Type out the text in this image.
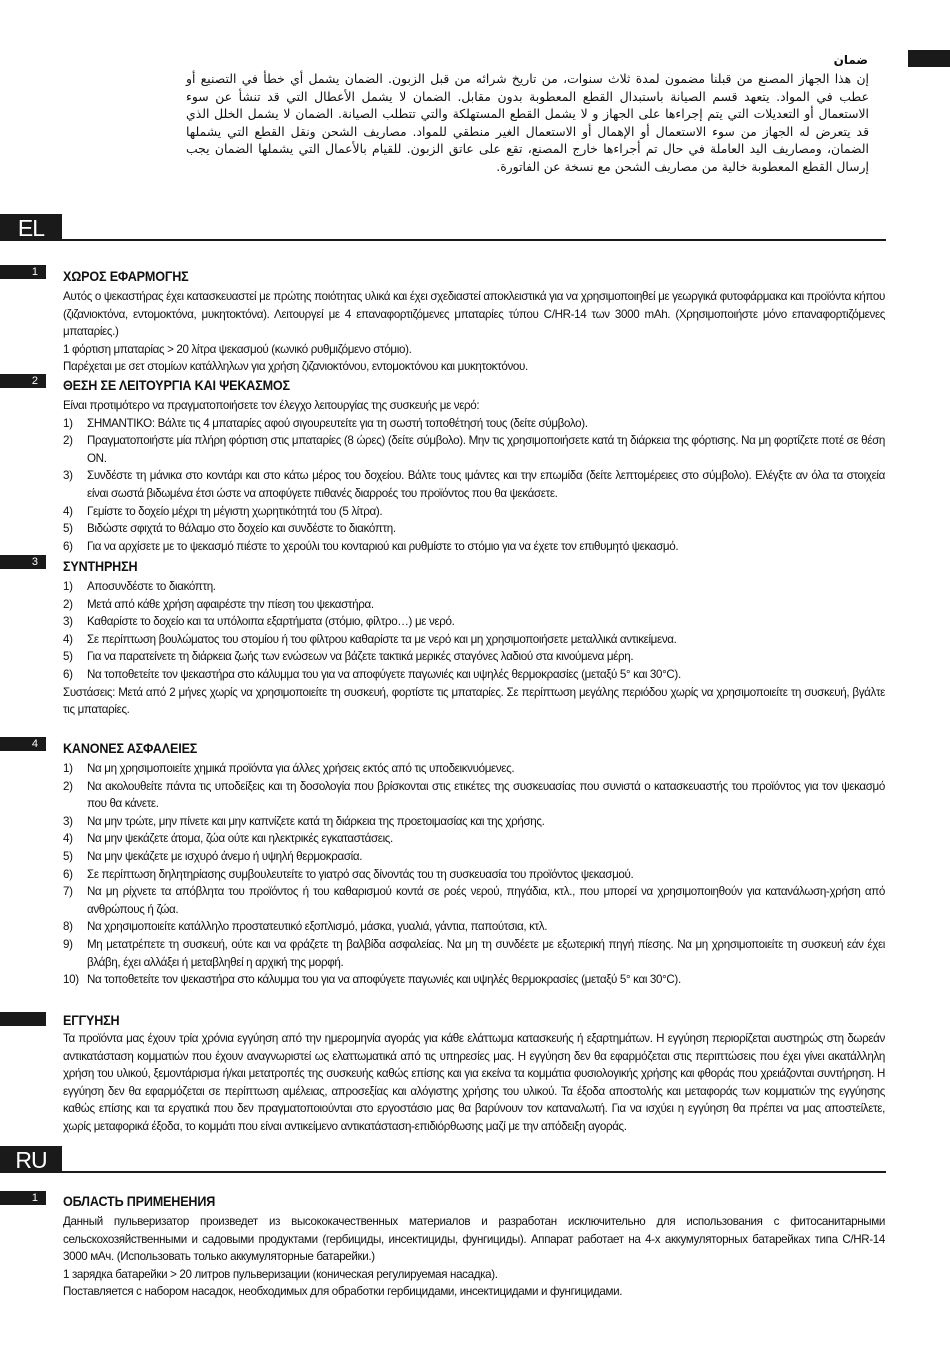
ضمان
إن هذا الجهاز المصنع من قبلنا مضمون لمدة ثلاث سنوات، من تاريخ شرائه من قبل الزبون. الضمان يشمل أي خطأ في التصنيع أو عطب في المواد. يتعهد قسم الصيانة باستبدال القطع المعطوبة بدون مقابل. الضمان لا يشمل الأعطال التي قد تنشأ عن سوء الاستعمال أو التعديلات التي يتم إجراءها على الجهاز و لا يشمل القطع المستهلكة والتي تتطلب الصيانة. الضمان لا يشمل الخلل الذي قد يتعرض له الجهاز من سوء الاستعمال أو الإهمال أو الاستعمال الغير منطقي للمواد. مصاريف الشحن ونقل القطع التي يشملها الضمان، ومصاريف اليد العاملة في حال تم أجراءها خارج المصنع، تقع على عاتق الزبون. للقيام بالأعمال التي يشملها الضمان يجب إرسال القطع المعطوبة خالية من مصاريف الشحن مع نسخة عن الفاتورة.
EL
1	ΧΩΡΟΣ ΕΦΑΡΜΟΓΗΣ

Αυτός ο ψεκαστήρας έχει κατασκευαστεί με πρώτης ποιότητας υλικά και έχει σχεδιαστεί αποκλειστικά για να χρησιμοποιηθεί με γεωργικά φυτοφάρμακα και προϊόντα κήπου (ζιζανιοκτόνα, εντομοκτόνα, μυκητοκτόνα). Λειτουργεί με 4 επαναφορτιζόμενες μπαταρίες τύπου C/HR-14 των 3000 mAh. (Χρησιμοποιήστε μόνο επαναφορτιζόμενες μπαταρίες.)

1 φόρτιση μπαταρίας > 20 λίτρα ψεκασμού (κωνικό ρυθμιζόμενο στόμιο).

Παρέχεται με σετ στομίων κατάλληλων για χρήση ζιζανιοκτόνου, εντομοκτόνου και μυκητοκτόνου.

2	ΘΕΣΗ ΣΕ ΛΕΙΤΟΥΡΓΙΑ ΚΑΙ ΨΕΚΑΣΜΟΣ

Είναι προτιμότερο να πραγματοποιήσετε τον έλεγχο λειτουργίας της συσκευής με νερό:

1) ΣΗΜΑΝΤΙΚΟ: Βάλτε τις 4 μπαταρίες αφού σιγουρευτείτε για τη σωστή τοποθέτησή τους (δείτε σύμβολο).
2) Πραγματοποιήστε μία πλήρη φόρτιση στις μπαταρίες (8 ώρες) (δείτε σύμβολο). Μην τις χρησιμοποιήσετε κατά τη διάρκεια της φόρτισης. Να μη φορτίζετε ποτέ σε θέση ON.
3) Συνδέστε τη μάνικα στο κοντάρι και στο κάτω μέρος του δοχείου. Βάλτε τους ιμάντες και την επωμίδα (δείτε λεπτομέρειες στο σύμβολο). Ελέγξτε αν όλα τα στοιχεία είναι σωστά βιδωμένα έτσι ώστε να αποφύγετε πιθανές διαρροές του προϊόντος που θα ψεκάσετε.
4) Γεμίστε το δοχείο μέχρι τη μέγιστη χωρητικότητά του (5 λίτρα).
5) Βιδώστε σφιχτά το θάλαμο στο δοχείο και συνδέστε το διακόπτη.
6) Για να αρχίσετε με το ψεκασμό πιέστε το χερούλι του κονταριού και ρυθμίστε το στόμιο για να έχετε τον επιθυμητό ψεκασμό.
3	ΣΥΝΤΗΡΗΣΗ
1) Αποσυνδέστε το διακόπτη.
2) Μετά από κάθε χρήση αφαιρέστε την πίεση του ψεκαστήρα.
3) Καθαρίστε το δοχείο και τα υπόλοιπα εξαρτήματα (στόμιο, φίλτρο…) με νερό.
4) Σε περίπτωση βουλώματος του στομίου ή του φίλτρου καθαρίστε τα με νερό και μη χρησιμοποιήσετε μεταλλικά αντικείμενα.
5) Για να παρατείνετε τη διάρκεια ζωής των ενώσεων να βάζετε τακτικά μερικές σταγόνες λαδιού στα κινούμενα μέρη.
6) Να τοποθετείτε τον ψεκαστήρα στο κάλυμμα του για να αποφύγετε παγωνιές και υψηλές θερμοκρασίες (μεταξύ 5° και 30°C).

Συστάσεις: Μετά από 2 μήνες χωρίς να χρησιμοποιείτε τη συσκευή, φορτίστε τις μπαταρίες. Σε περίπτωση μεγάλης περιόδου χωρίς να χρησιμοποιείτε τη συσκευή, βγάλτε τις μπαταρίες.

4	ΚΑΝΟΝΕΣ ΑΣΦΑΛΕΙΕΣ
1) Να μη χρησιμοποιείτε χημικά προϊόντα για άλλες χρήσεις εκτός από τις υποδεικνυόμενες.
2) Να ακολουθείτε πάντα τις υποδείξεις και τη δοσολογία που βρίσκονται στις ετικέτες της συσκευασίας που συνιστά ο κατασκευαστής του προϊόντος για τον ψεκασμό που θα κάνετε.
3) Να μην τρώτε, μην πίνετε και μην καπνίζετε κατά τη διάρκεια της προετοιμασίας και της χρήσης.
4) Να μην ψεκάζετε άτομα, ζώα ούτε και ηλεκτρικές εγκαταστάσεις.
5) Να μην ψεκάζετε με ισχυρό άνεμο ή υψηλή θερμοκρασία.
6) Σε περίπτωση δηλητηρίασης συμβουλευτείτε το γιατρό σας δίνοντάς του τη συσκευασία του προϊόντος ψεκασμού.
7) Να μη ρίχνετε τα απόβλητα του προϊόντος ή του καθαρισμού κοντά σε ροές νερού, πηγάδια, κτλ., που μπορεί να χρησιμοποιηθούν για κατανάλωση-χρήση από ανθρώπους ή ζώα.
8) Να χρησιμοποιείτε κατάλληλο προστατευτικό εξοπλισμό, μάσκα, γυαλιά, γάντια, παπούτσια, κτλ.
9) Μη μετατρέπετε τη συσκευή, ούτε και να φράζετε τη βαλβίδα ασφαλείας. Να μη τη συνδέετε με εξωτερική πηγή πίεσης. Να μη χρησιμοποιείτε τη συσκευή εάν έχει βλάβη, έχει αλλάξει ή μεταβληθεί η αρχική της μορφή.
10) Να τοποθετείτε τον ψεκαστήρα στο κάλυμμα του για να αποφύγετε παγωνιές και υψηλές θερμοκρασίες (μεταξύ 5° και 30°C).
ΕΓΓΥΗΣΗ

Τα προϊόντα μας έχουν τρία χρόνια εγγύηση από την ημερομηνία αγοράς για κάθε ελάττωμα κατασκευής ή εξαρτημάτων. Η εγγύηση περιορίζεται αυστηρώς στη δωρεάν αντικατάσταση κομματιών που έχουν αναγνωριστεί ως ελαττωματικά από τις υπηρεσίες μας. Η εγγύηση δεν θα εφαρμόζεται στις περιπτώσεις που έχει γίνει ακατάλληλη χρήση του υλικού, ξεμοντάρισμα ή/και μετατροπές της συσκευής καθώς επίσης και για εκείνα τα κομμάτια φυσιολογικής χρήσης και φθοράς που χρειάζονται συντήρηση. Η εγγύηση δεν θα εφαρμόζεται σε περίπτωση αμέλειας, απροσεξίας και αλόγιστης χρήσης του υλικού. Τα έξοδα αποστολής και μεταφοράς των κομματιών της εγγύησης καθώς επίσης και τα εργατικά που δεν πραγματοποιούνται στο εργοστάσιο μας θα βαρύνουν τον καταναλωτή. Για να ισχύει η εγγύηση θα πρέπει να μας αποστείλετε, χωρίς μεταφορικά έξοδα, το κομμάτι που είναι αντικείμενο αντικατάσταση-επιδιόρθωσης μαζί με την απόδειξη αγοράς.

RU
1	ОБЛАСТЬ ПРИМЕНЕНИЯ

Данный пульверизатор произведет из высококачественных материалов и разработан исключительно для использования с фитосанитарными сельскохозяйственными и садовыми продуктами (гербициды, инсектициды, фунгициды). Аппарат работает на 4-х аккумуляторных батарейках типа C/HR-14 3000 мАч. (Использовать только аккумуляторные батарейки.)

1 зарядка батарейки > 20 литров пульверизации (коническая регулируемая насадка).

Поставляется с набором насадок, необходимых для обработки гербицидами, инсектицидами и фунгицидами.
